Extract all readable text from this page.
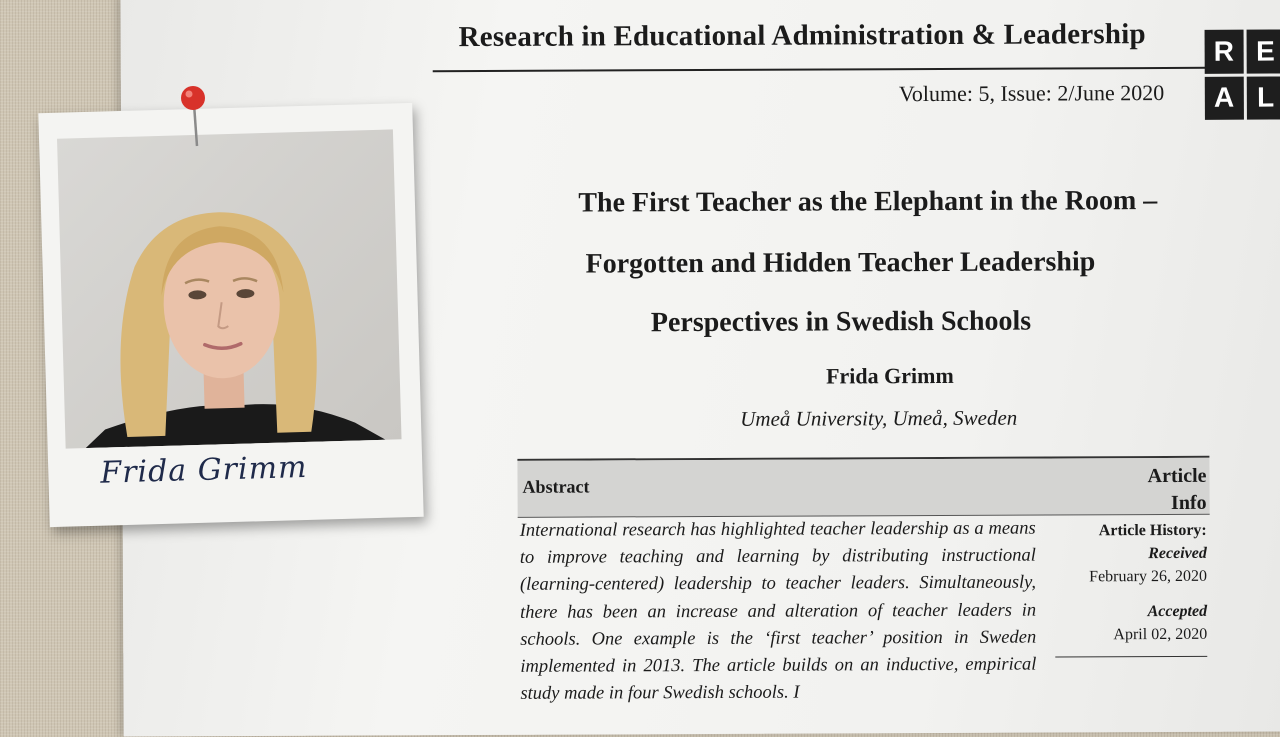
Research in Educational Administration & Leadership
Volume: 5, Issue: 2/June 2020
R E
A L
The First Teacher as the Elephant in the Room –
Forgotten and Hidden Teacher Leadership
Perspectives in Swedish Schools
Frida Grimm
Umeå University, Umeå, Sweden
Abstract	Article Info
International research has highlighted teacher leadership as a means to improve teaching and learning by distributing instructional (learning-centered) leadership to teacher leaders. Simultaneously, there has been an increase and alteration of teacher leaders in schools. One example is the ‘first teacher’ position in Sweden implemented in 2013. The article builds on an inductive, empirical study made in four Swedish schools. I
Article History:
Received
February 26, 2020
Accepted
April 02, 2020
Frida Grimm
